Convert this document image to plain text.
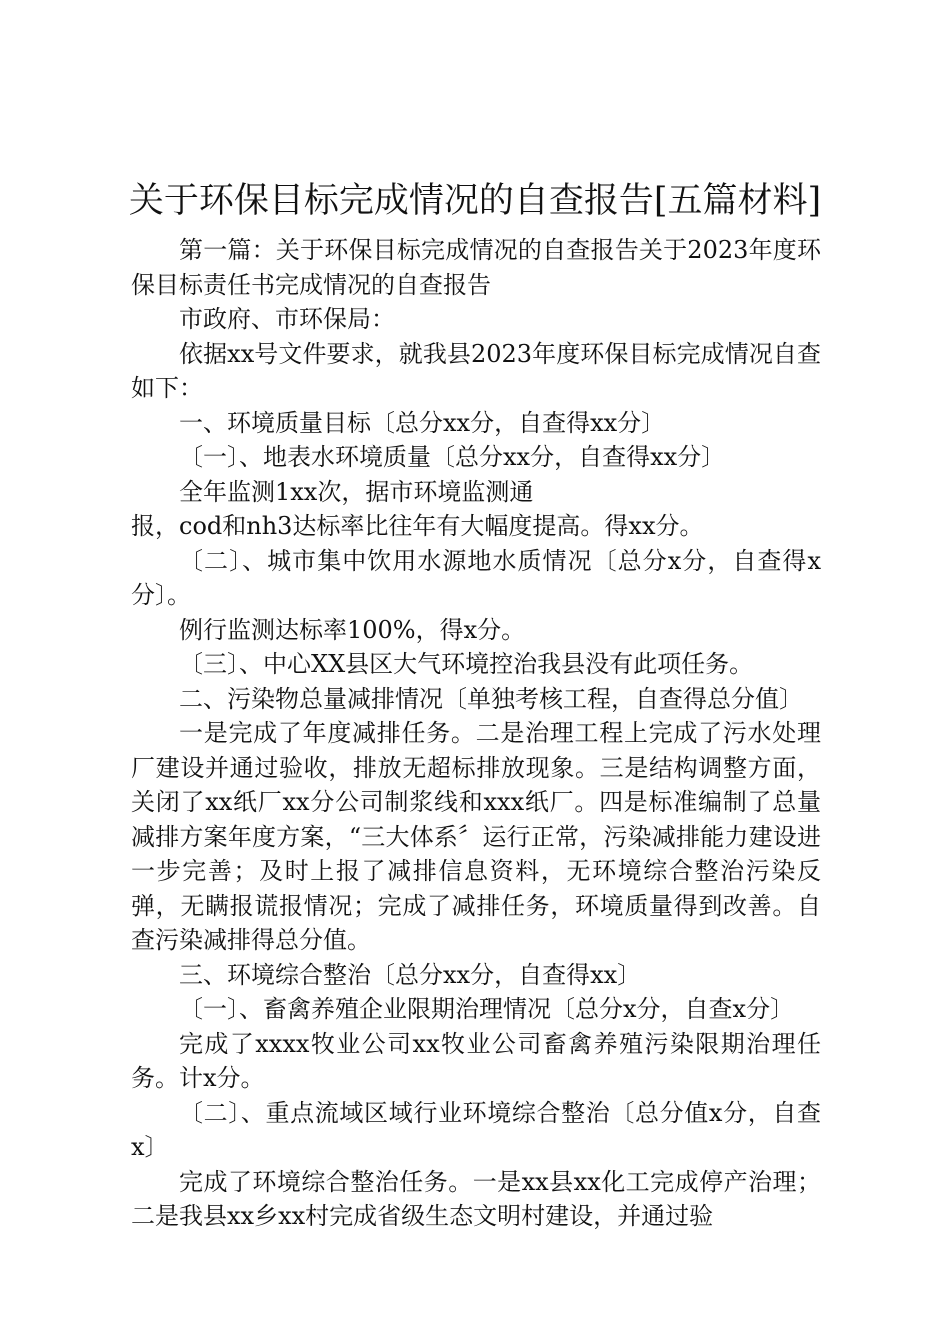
关于环保目标完成情况的自查报告[五篇材料]

第一篇：关于环保目标完成情况的自查报告关于2023年度环保目标责任书完成情况的自查报告

市政府、市环保局：

依据xx号文件要求，就我县2023年度环保目标完成情况自查如下：

一、环境质量目标〔总分xx分，自查得xx分〕

〔一〕、地表水环境质量〔总分xx分，自查得xx分〕

全年监测1xx次，据市环境监测通

报，cod和nh3达标率比往年有大幅度提高。得xx分。

〔二〕、城市集中饮用水源地水质情况〔总分x分，自查得x分〕。

例行监测达标率100%，得x分。

〔三〕、中心XX县区大气环境控治我县没有此项任务。

二、污染物总量减排情况〔单独考核工程，自查得总分值〕

一是完成了年度减排任务。二是治理工程上完成了污水处理厂建设并通过验收，排放无超标排放现象。三是结构调整方面，关闭了xx纸厂xx分公司制浆线和xxx纸厂。四是标准编制了总量减排方案年度方案，“三大体系〞运行正常，污染减排能力建设进一步完善；及时上报了减排信息资料，无环境综合整治污染反弹，无瞒报谎报情况；完成了减排任务，环境质量得到改善。自查污染减排得总分值。

三、环境综合整治〔总分xx分，自查得xx〕

〔一〕、畜禽养殖企业限期治理情况〔总分x分，自查x分〕

完成了xxxx牧业公司xx牧业公司畜禽养殖污染限期治理任务。计x分。

〔二〕、重点流域区域行业环境综合整治〔总分值x分，自查x〕

完成了环境综合整治任务。一是xx县xx化工完成停产治理；二是我县xx乡xx村完成省级生态文明村建设，并通过验
